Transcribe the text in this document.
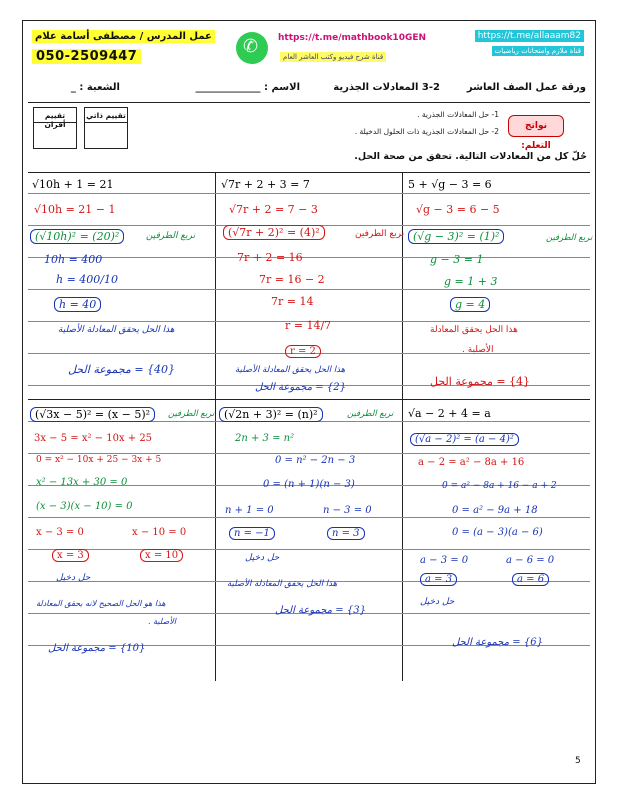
عمل المدرس / مصطفى أسامة علام
050-2509447
✆
https://t.me/mathbook10GEN
قناة شرح فيديو وكتب العاشر العام
https://t.me/allaaam82
قناة ملازم وامتحانات رياضيات
ورقة عمل الصف العاشر
3-2 المعادلات الجذرية
الاسم : _____________
الشعبة : _
نواتج التعلم:
1- حل المعادلات الجذرية .
2- حل المعادلات الجذرية ذات الحلول الدخيلة .
تقييم ذاتي
تقييم أقران
حُلّ كل من المعادلات التالية. تحقق من صحة الحل.
√10h + 1 = 21
√10h = 21 − 1
(√10h)² = (20)²	نربع الطرفين
10h = 400
h = 400/10
h = 40
هذا الحل يحقق المعادلة الأصلية
{40} = مجموعة الحل
√7r + 2 + 3 = 7
√7r + 2 = 7 − 3
(√7r + 2)² = (4)²	نربع الطرفين
7r + 2 = 16
7r = 16 − 2
7r = 14
r = 14/7
r = 2
هذا الحل يحقق المعادلة الأصلية
{2} = مجموعة الحل
5 + √g − 3 = 6
√g − 3 = 6 − 5
(√g − 3)² = (1)²	نربع الطرفين
g − 3 = 1
g = 1 + 3
g = 4
هذا الحل يحقق المعادلة
الأصلية .
{4} = مجموعة الحل
(√3x − 5)² = (x − 5)²	نربع الطرفين
3x − 5 = x² − 10x + 25
0 = x² − 10x + 25 − 3x + 5
x² − 13x + 30 = 0
(x − 3)(x − 10) = 0
x − 3 = 0	x − 10 = 0
x = 3	x = 10
حل دخيل
هذا هو الحل الصحيح لانه يحقق المعادلة
الأصلية .
{10} = مجموعة الحل
(√2n + 3)² = (n)²	نربع الطرفين
2n + 3 = n²
0 = n² − 2n − 3
0 = (n + 1)(n − 3)
n + 1 = 0	n − 3 = 0
n = −1	n = 3
حل دخيل
هذا الحل يحقق المعادلة الأصلية
{3} = مجموعة الحل
√a − 2 + 4 = a
(√a − 2)² = (a − 4)²
a − 2 = a² − 8a + 16
0 = a² − 8a + 16 − a + 2
0 = a² − 9a + 18
0 = (a − 3)(a − 6)
a − 3 = 0	a − 6 = 0
a = 3	a = 6
حل دخيل
{6} = مجموعة الحل
5
